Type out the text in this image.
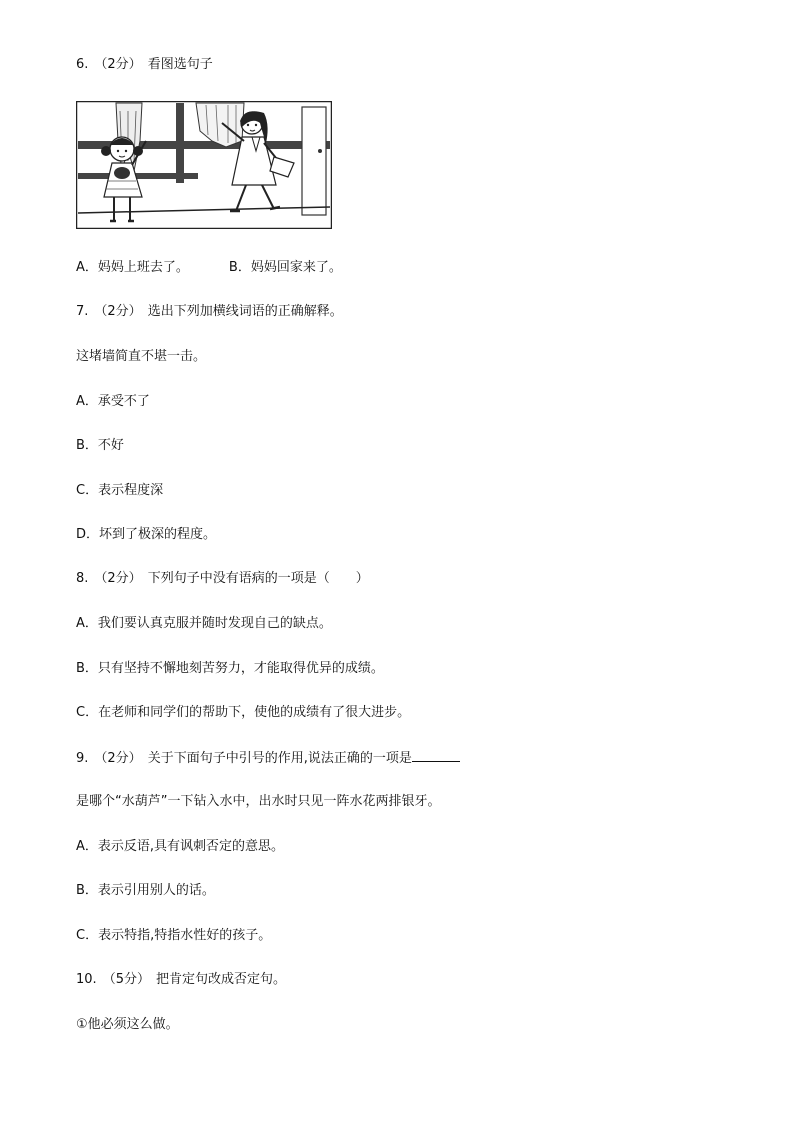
6. （2分） 看图选句子
A．妈妈上班去了。	B．妈妈回家来了。
7. （2分） 选出下列加横线词语的正确解释。
这堵墙简直不堪一击。
A．承受不了
B．不好
C．表示程度深
D．坏到了极深的程度。
8. （2分） 下列句子中没有语病的一项是（　　）
A．我们要认真克服并随时发现自己的缺点。
B．只有坚持不懈地刻苦努力，才能取得优异的成绩。
C．在老师和同学们的帮助下，使他的成绩有了很大进步。
9. （2分） 关于下面句子中引号的作用,说法正确的一项是
是哪个“水葫芦”一下钻入水中，出水时只见一阵水花两排银牙。
A．表示反语,具有讽刺否定的意思。
B．表示引用别人的话。
C．表示特指,特指水性好的孩子。
10. （5分） 把肯定句改成否定句。
①他必须这么做。
